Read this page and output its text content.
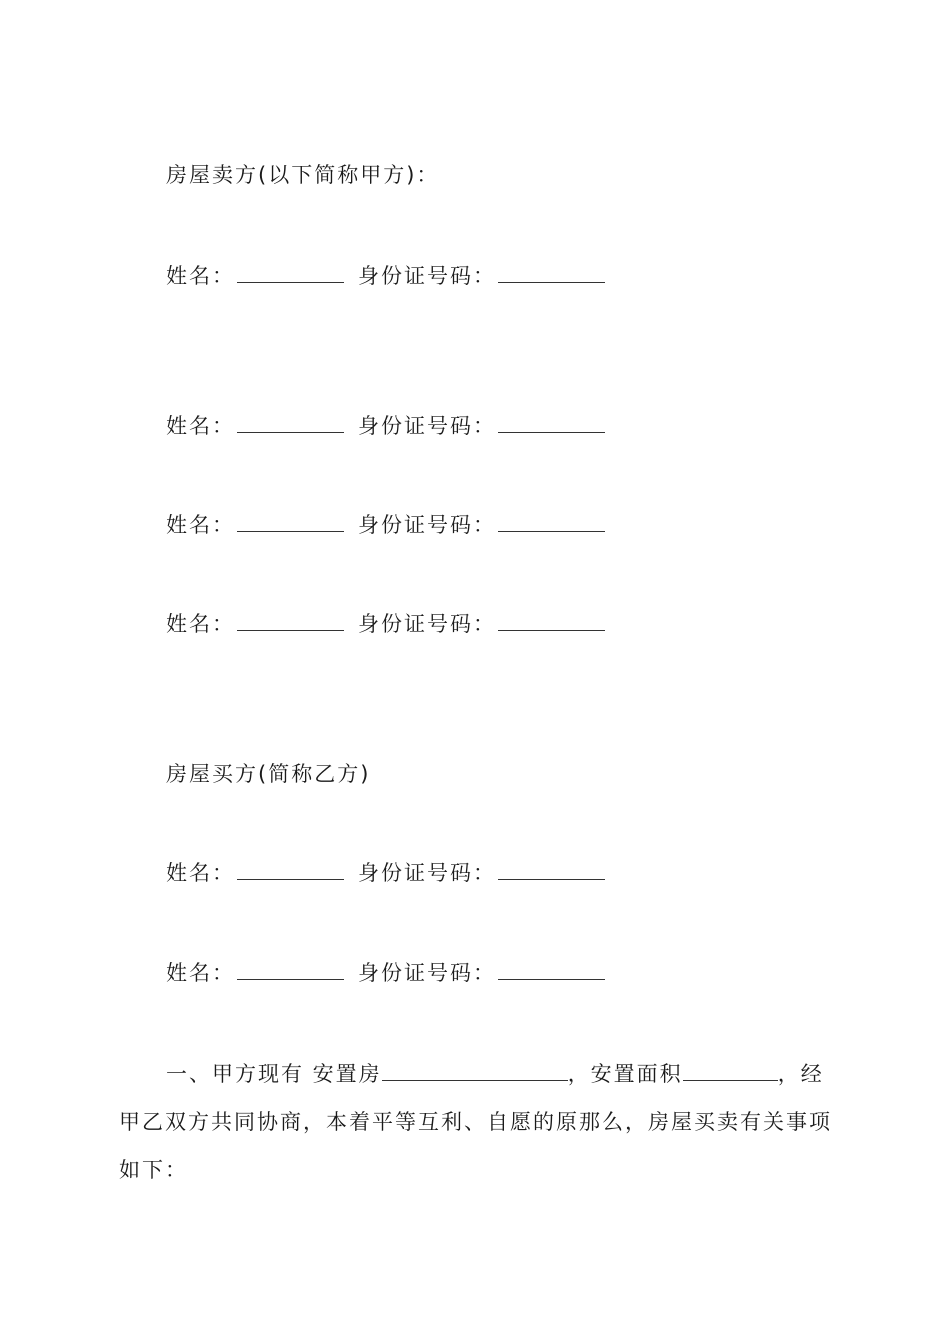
房屋卖方(以下简称甲方)：
姓名：	身份证号码：
姓名：	身份证号码：
姓名：	身份证号码：
姓名：	身份证号码：
房屋买方(简称乙方)
姓名：	身份证号码：
姓名：	身份证号码：
一、甲方现有 安置房	，安置面积	，经甲乙双方共同协商，本着平等互利、自愿的原那么，房屋买卖有关事项如下：
